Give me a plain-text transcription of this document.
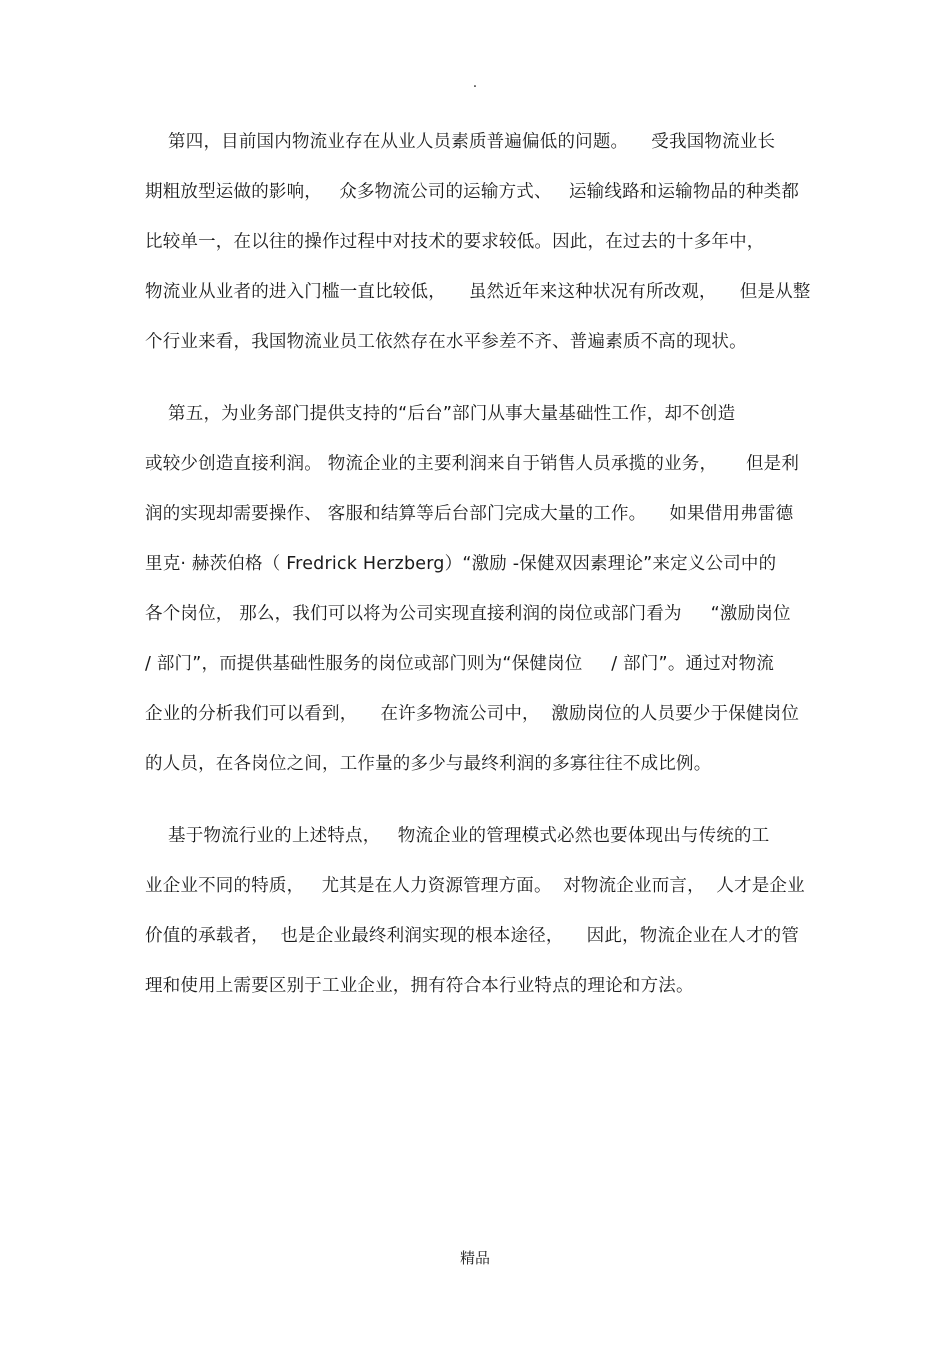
.
第四，目前国内物流业存在从业人员素质普遍偏低的问题。    受我国物流业长
期粗放型运做的影响，   众多物流公司的运输方式、   运输线路和运输物品的种类都
比较单一，在以往的操作过程中对技术的要求较低。因此，在过去的十多年中，
物流业从业者的进入门槛一直比较低，    虽然近年来这种状况有所改观，    但是从整
个行业来看，我国物流业员工依然存在水平参差不齐、普遍素质不高的现状。
第五，为业务部门提供支持的“后台”部门从事大量基础性工作，却不创造
或较少创造直接利润。 物流企业的主要利润来自于销售人员承揽的业务，     但是利
润的实现却需要操作、 客服和结算等后台部门完成大量的工作。    如果借用弗雷德
里克· 赫茨伯格（ Fredrick Herzberg）“激励 -保健双因素理论”来定义公司中的
各个岗位， 那么，我们可以将为公司实现直接利润的岗位或部门看为     “激励岗位
/ 部门”，而提供基础性服务的岗位或部门则为“保健岗位     / 部门”。通过对物流
企业的分析我们可以看到，    在许多物流公司中，  激励岗位的人员要少于保健岗位
的人员，在各岗位之间，工作量的多少与最终利润的多寡往往不成比例。
基于物流行业的上述特点，   物流企业的管理模式必然也要体现出与传统的工
业企业不同的特质，   尤其是在人力资源管理方面。  对物流企业而言，  人才是企业
价值的承载者，  也是企业最终利润实现的根本途径，    因此，物流企业在人才的管
理和使用上需要区别于工业企业，拥有符合本行业特点的理论和方法。
精品
